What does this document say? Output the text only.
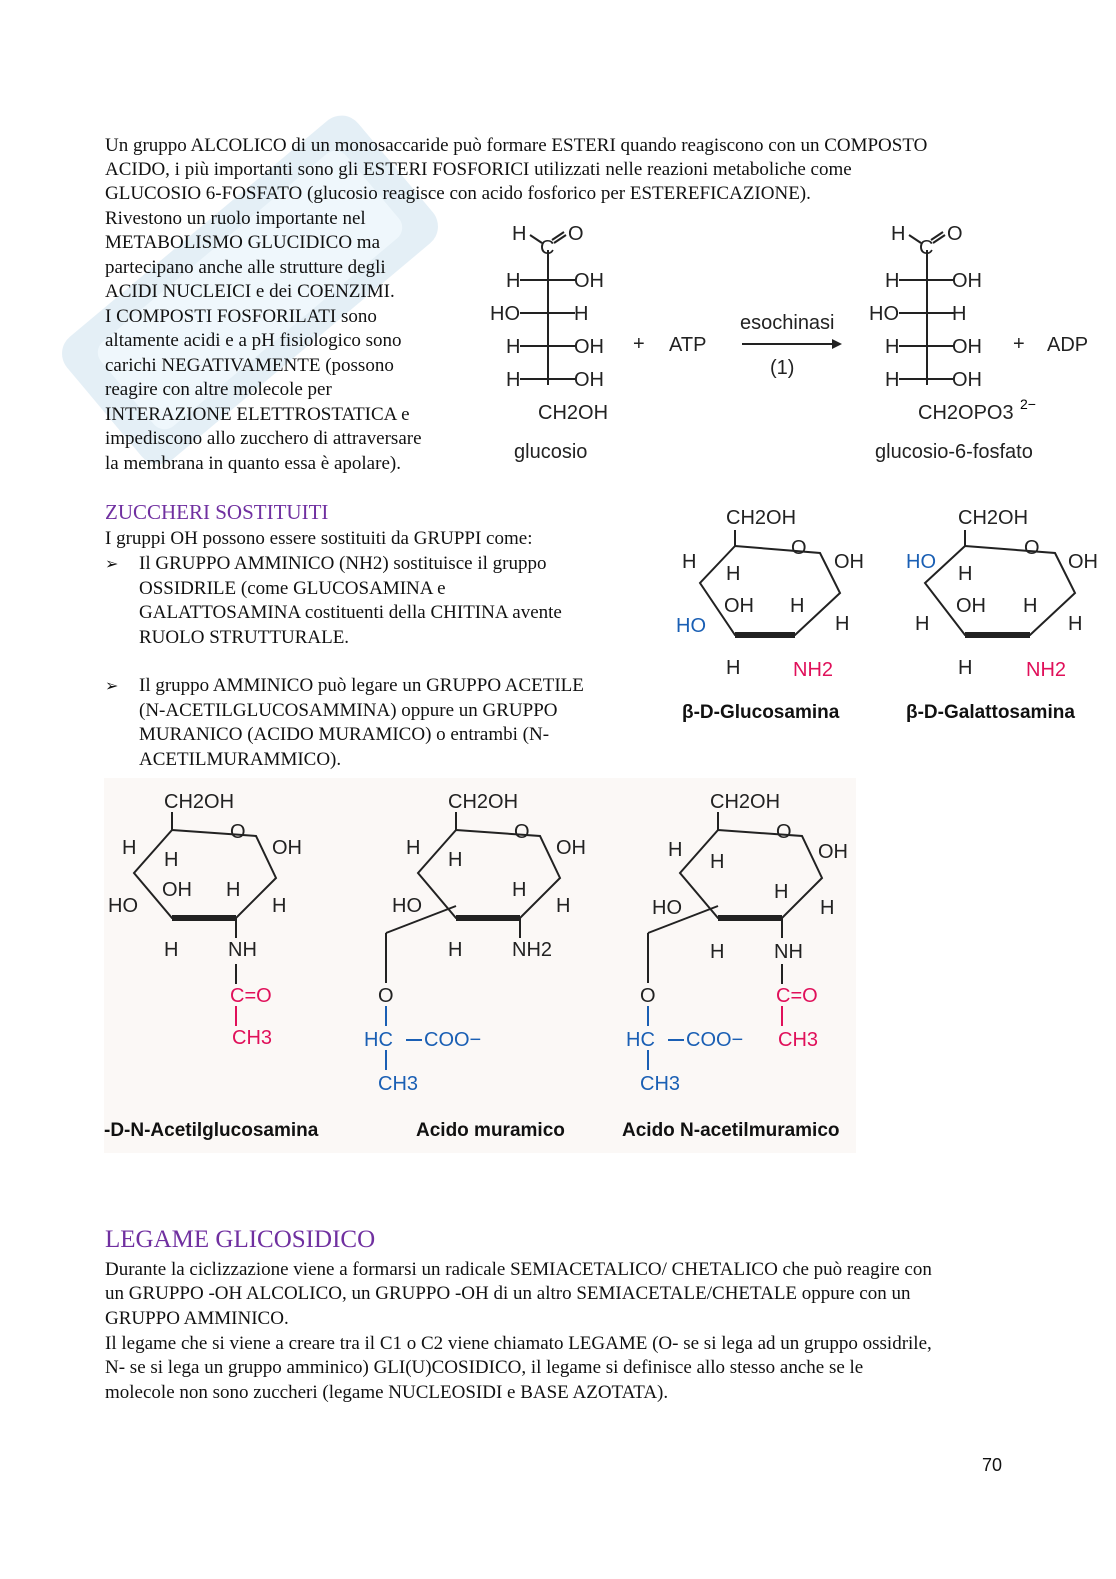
Un gruppo ALCOLICO di un monosaccaride può formare ESTERI quando reagiscono con un COMPOSTO

ACIDO, i più importanti sono gli ESTERI FOSFORICI utilizzati nelle reazioni metaboliche come

GLUCOSIO 6-FOSFATO (glucosio reagisce con acido fosforico per ESTEREFICAZIONE).

Rivestono un ruolo importante nel

METABOLISMO GLUCIDICO ma

partecipano anche alle strutture degli

ACIDI NUCLEICI e dei COENZIMI.

I COMPOSTI FOSFORILATI sono

altamente acidi e a pH fisiologico sono

carichi NEGATIVAMENTE (possono

reagire con altre molecole per

INTERAZIONE ELETTROSTATICA e

impediscono allo zucchero di attraversare

la membrana in quanto essa è apolare).

H
C
O
H	OH
HO	H
H	OH
H	OH
CH2OH
glucosio
+ ATP
esochinasi
(1)
H
C
O
H	OH
HO	H
H	OH
H	OH
CH2OPO3 2−
glucosio-6-fosfato
+ ADP
ZUCCHERI SOSTITUITI

I gruppi OH possono essere sostituiti da GRUPPI come:

➢ Il GRUPPO AMMINICO (NH2) sostituisce il gruppo
OSSIDRILE (come GLUCOSAMINA e
GALATTOSAMINA costituenti della CHITINA avente
RUOLO STRUTTURALE.
➢ Il gruppo AMMINICO può legare un GRUPPO ACETILE
(N-ACETILGLUCOSAMMINA) oppure un GRUPPO
MURANICO (ACIDO MURAMICO) o entrambi (N-
ACETILMURAMMICO).
CH2OH
O
OH
H
H
OH H
HO	H
H	NH2
β-D-Glucosamina
CH2OH
O
OH
HO
H
OH H
H	H
H	NH2
β-D-Galattosamina
CH2OH
O
OH
H
H
OH H
HO	H
H NH
C=O
CH3
-D-N-Acetilglucosamina
CH2OH
O
OH
H
H
H
HO	H
H NH2
O
HC COO−
CH3
Acido muramico
CH2OH
O
OH
H
H
H
HO	H
H NH
C=O
CH3
O
HC COO−
CH3
Acido N-acetilmuramico
LEGAME GLICOSIDICO

Durante la ciclizzazione viene a formarsi un radicale SEMIACETALICO/ CHETALICO che può reagire con

un GRUPPO -OH ALCOLICO, un GRUPPO -OH di un altro SEMIACETALE/CHETALE oppure con un

GRUPPO AMMINICO.

Il legame che si viene a creare tra il C1 o C2 viene chiamato LEGAME (O- se si lega ad un gruppo ossidrile,

N- se si lega un gruppo amminico) GLI(U)COSIDICO, il legame si definisce allo stesso anche se le

molecole non sono zuccheri (legame NUCLEOSIDI e BASE AZOTATA).

70
